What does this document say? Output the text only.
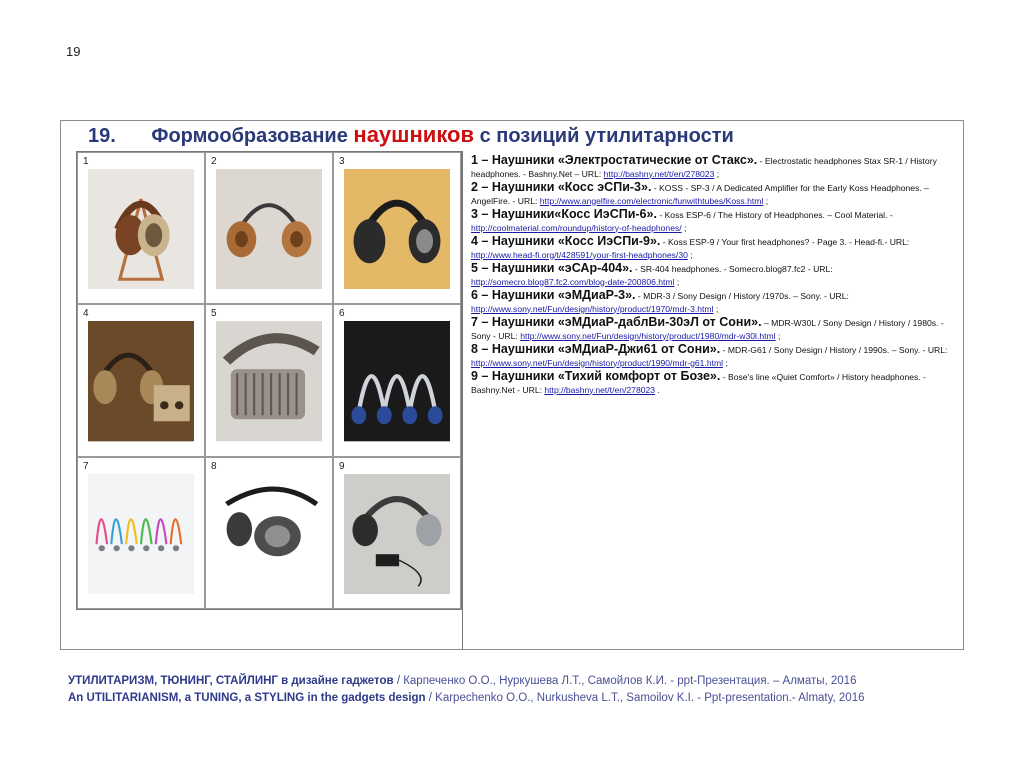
19
19. Формообразование наушников с позиций утилитарности
1	2	3
4	5	6
7	8	9
1 – Наушники «Электростатические от Стакс». - Electrostatic headphones Stax SR-1 / History headphones. - Bashny.Net – URL: http://bashny.net/t/en/278023 ;
2 – Наушники «Косс эСПи-3». - KOSS - SP-3 / A Dedicated Amplifier for the Early Koss Headphones. – AngelFire. - URL: http://www.angelfire.com/electronic/funwithtubes/Koss.html ;
3 – Наушники«Косс ИэСПи-6». - Koss ESP-6 / The History of Headphones. – Cool Material. - http://coolmaterial.com/roundup/history-of-headphones/ ;
4 – Наушники «Косс ИэСПи-9». - Koss ESP-9 / Your first headphones? - Page 3. - Head-fi.- URL: http://www.head-fi.org/t/428591/your-first-headphones/30 ;
5 – Наушники «эСАр-404». - SR-404 headphones. - Somecro.blog87.fc2 - URL: http://somecro.blog87.fc2.com/blog-date-200806.html ;
6 – Наушники «эМДиаР-3». - MDR-3 / Sony Design / History /1970s. – Sony. - URL: http://www.sony.net/Fun/design/history/product/1970/mdr-3.html ;
7 – Наушники «эМДиаР-даблВи-30эЛ от Сони». – MDR-W30L / Sony Design / History / 1980s. - Sony - URL: http://www.sony.net/Fun/design/history/product/1980/mdr-w30l.html ;
8 – Наушники «эМДиаР-Джи61 от Сони». - MDR-G61 / Sony Design / History / 1990s. – Sony. - URL: http://www.sony.net/Fun/design/history/product/1990/mdr-g61.html ;
9 – Наушники «Тихий комфорт от Бозе». - Bose's line «Quiet Comfort» / History headphones. - Bashny.Net - URL: http://bashny.net/t/en/278023 .
УТИЛИТАРИЗМ, ТЮНИНГ, СТАЙЛИНГ в дизайне гаджетов / Карпеченко О.О., Нуркушева Л.Т., Самойлов К.И. - ppt-Презентация. – Алматы, 2016
An UTILITARIANISM, a TUNING, a STYLING in the gadgets design / Karpechenko O.O., Nurkusheva L.T., Samoilov K.I. - Ppt-presentation.- Almaty, 2016
